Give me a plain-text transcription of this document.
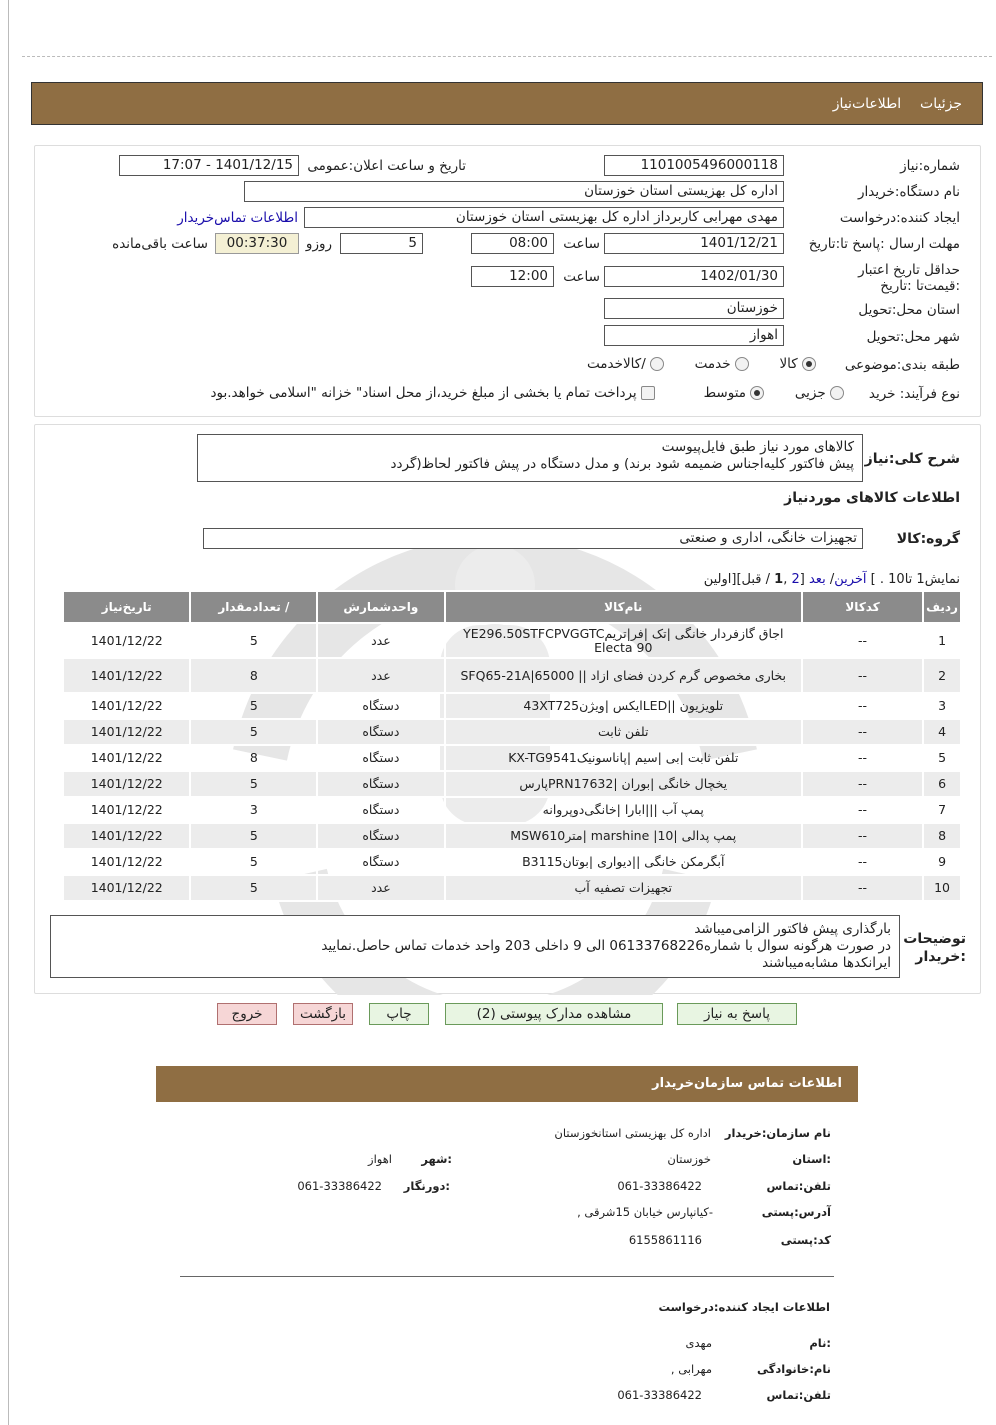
جزئیات  اطلاعات‌نیاز
شماره:نیاز
1101005496000118
تاریخ و ساعت اعلان:عمومی
1401/12/15 - 17:07
نام دستگاه:خریدار
اداره کل بهزیستی استان خوزستان
ایجاد کننده:درخواست
مهدی مهرابی کاربرداز اداره کل بهزیستی استان خوزستان
اطلاعات تماس‌خریدار
مهلت ارسال :پاسخ تا:تاریخ
1401/12/21
ساعت
08:00
5
روزو
00:37:30
ساعت باقی‌مانده
حداقل تاریخ اعتبار :قیمت‌تا :تاریخ
1402/01/30
ساعت
12:00
استان محل:تحویل
خوزستان
شهر محل:تحویل
اهواز
طبقه بندی:موضوعی
کالا   خدمت   /کالاخدمت
نوع فرآیند: خرید
جزیی   متوسط   پرداخت تمام یا بخشی از مبلغ خرید،از محل اسناد" خزانه "اسلامی خواهد.بود
شرح کلی:نیاز
کالاهای مورد نیاز طبق فایل‌پیوست
پیش فاکتور کلیه‌اجناس ضمیمه شود برند) و مدل دستگاه در پیش فاکتور لحاظ(گردد
اطلاعات کالاهای موردنیاز
گروه:کالا
تجهیزات خانگی، اداری و صنعتی
نمایش1 تا10 . ] آخرین/ بعد [2 ,1 / قبل][اولین
ردیف	کدکالا	نام‌کالا	واحدشمارش	/ تعدادمقدار	تاریخ‌نیاز
1	--	اجاق گازفردار خانگی |تک |فر|تریمYE296.50STFCPVGGTC Electa 90	عدد	5	1401/12/22
2	--	بخاری مخصوص گرم کردن فضای ازاد || SFQ65-21A|65000	عدد	8	1401/12/22
3	--	تلویزیون ||LEDایکس |ویژن43XT725	دستگاه	5	1401/12/22
4	--	تلفن ثابت	دستگاه	5	1401/12/22
5	--	تلفن ثابت |بی |سیم |پاناسونیکKX-TG9541	دستگاه	8	1401/12/22
6	--	یخچال خانگی |بوران |PRN17632پارس	دستگاه	5	1401/12/22
7	--	پمپ آب |||ابارا |خانگی‌دوپروانه	دستگاه	3	1401/12/22
8	--	پمپ پدالی |marshine |10 |مترMSW610	دستگاه	5	1401/12/22
9	--	آبگرمکن خانگی ||دیواری |بوتانB3115	دستگاه	5	1401/12/22
10	--	تجهیزات تصفیه آب	عدد	5	1401/12/22
توضیحات :خریدار
بارگذاری پیش فاکتور الزامی‌میباشد
در صورت هرگونه سوال با شماره06133768226 الی 9 داخلی 203 واحد خدمات تماس حاصل.نمایید
ایرانکدها مشابه‌میباشند
پاسخ به نیاز
مشاهده مدارک پیوستی (2)
چاپ
بازگشت
خروج
اطلاعات تماس سازمان‌خریدار
نام سازمان:خریدار
اداره کل بهزیستی استانخوزستان
:استان
خوزستان
:شهر
اهواز
تلفن:تماس
061-33386422
:دورنگار
061-33386422
آدرس:پستی
-کیانپارس خیابان 15شرقی ,
کد:پستی
6155861116
اطلاعات ایجاد کننده:درخواست
:نام
مهدی
نام:خانوادگی
مهرابی ,
تلفن:تماس
061-33386422
